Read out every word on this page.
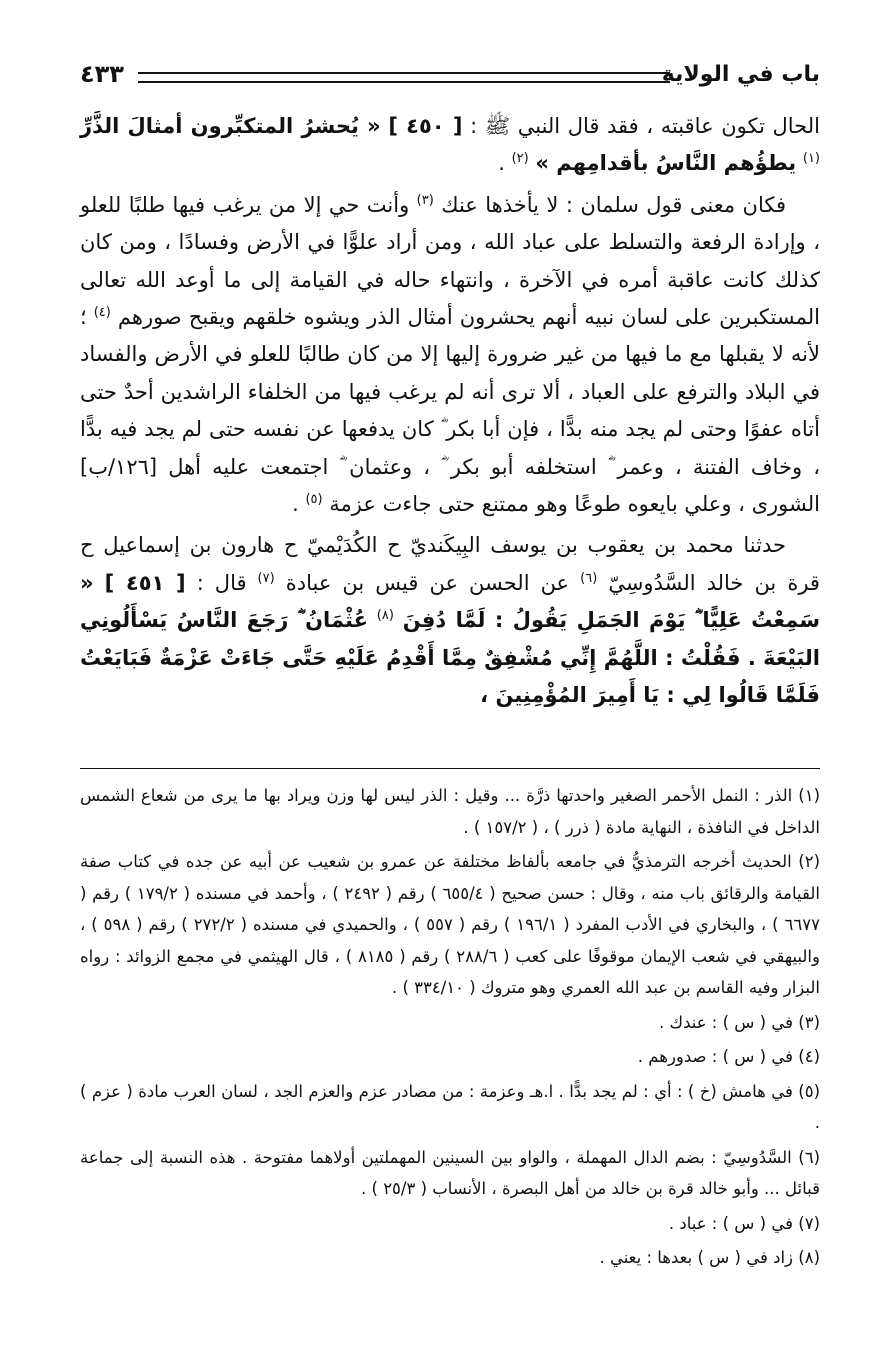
باب في الولاية
٤٣٣

الحال تكون عاقبته ، فقد قال النبي ﷺ : [ ٤٥٠ ] « يُحشرُ المتكبِّرون أمثالَ الذَّرِّ $^{(١)}$ يطؤُهم النَّاسُ بأقدامِهم » $^{(٢)}$ .

فكان معنى قول سلمان : لا يأخذها عنك $^{(٣)}$ وأنت حي إلا من يرغب فيها طلبًا للعلو ، وإرادة الرفعة والتسلط على عباد الله ، ومن أراد علوًّا في الأرض وفسادًا ، ومن كان كذلك كانت عاقبة أمره في الآخرة ، وانتهاء حاله في القيامة إلى ما أوعد الله تعالى المستكبرين على لسان نبيه أنهم يحشرون أمثال الذر ويشوه خلقهم ويقبح صورهم $^{(٤)}$ ؛ لأنه لا يقبلها مع ما فيها من غير ضرورة إليها إلا من كان طالبًا للعلو في الأرض والفساد في البلاد والترفع على العباد ، ألا ترى أنه لم يرغب فيها من الخلفاء الراشدين أحدٌ حتى أتاه عفوًا وحتى لم يجد منه بدًّا ، فإن أبا بكر ؓ كان يدفعها عن نفسه حتى لم يجد فيه بدًّا ، وخاف الفتنة ، وعمر ؓ استخلفه أبو بكر ؓ ، وعثمان ؓ اجتمعت عليه أهل [١٢٦/ب] الشورى ، وعلي بايعوه طوعًا وهو ممتنع حتى جاءت عزمة $^{(٥)}$ .

حدثنا محمد بن يعقوب بن يوسف البِيكَنديّ ح الكُدَيْميّ ح هارون بن إسماعيل ح قرة بن خالد السَّدُوسِيّ $^{(٦)}$ عن الحسن عن قيس بن عبادة $^{(٧)}$ قال : [ ٤٥١ ] « سَمِعْتُ عَلِيًّا ؓ يَوْمَ الجَمَلِ يَقُولُ : لَمَّا دُفِنَ $^{(٨)}$ عُثْمَانُ ؓ رَجَعَ النَّاسُ يَسْأَلُونِي البَيْعَةَ . فَقُلْتُ : اللَّهُمَّ إِنِّي مُشْفِقٌ مِمَّا أَقْدِمُ عَلَيْهِ حَتَّى جَاءَتْ عَزْمَةٌ فَبَايَعْتُ فَلَمَّا قَالُوا لِي : يَا أَمِيرَ المُؤْمِنِينَ ،

(١) الذر : النمل الأحمر الصغير واحدتها ذرَّة ... وقيل : الذر ليس لها وزن ويراد بها ما يرى من شعاع الشمس الداخل في النافذة ، النهاية مادة ( ذرر ) ، ( ١٥٧/٢ ) .

(٢) الحديث أخرجه الترمذيُّ في جامعه بألفاظ مختلفة عن عمرو بن شعيب عن أبيه عن جده في كتاب صفة القيامة والرقائق باب منه ، وقال : حسن صحيح ( ٦٥٥/٤ ) رقم ( ٢٤٩٢ ) ، وأحمد في مسنده ( ١٧٩/٢ ) رقم ( ٦٦٧٧ ) ، والبخاري في الأدب المفرد ( ١٩٦/١ ) رقم ( ٥٥٧ ) ، والحميدي في مسنده ( ٢٧٢/٢ ) رقم ( ٥٩٨ ) ، والبيهقي في شعب الإيمان موقوفًا على كعب ( ٢٨٨/٦ ) رقم ( ٨١٨٥ ) ، قال الهيثمي في مجمع الزوائد : رواه البزار وفيه القاسم بن عبد الله العمري وهو متروك ( ٣٣٤/١٠ ) .

(٣) في ( س ) : عندك .

(٤) في ( س ) : صدورهم .

(٥) في هامش (خ ) : أي : لم يجد بدًّا . ا.هـ وعزمة : من مصادر عزم والعزم الجد ، لسان العرب مادة ( عزم ) .

(٦) السَّدُوسِيّ : بضم الدال المهملة ، والواو بين السينين المهملتين أولاهما مفتوحة . هذه النسبة إلى جماعة قبائل ... وأبو خالد قرة بن خالد من أهل البصرة ، الأنساب ( ٢٥/٣ ) .

(٧) في ( س ) : عباد .

(٨) زاد في ( س ) بعدها : يعني .
